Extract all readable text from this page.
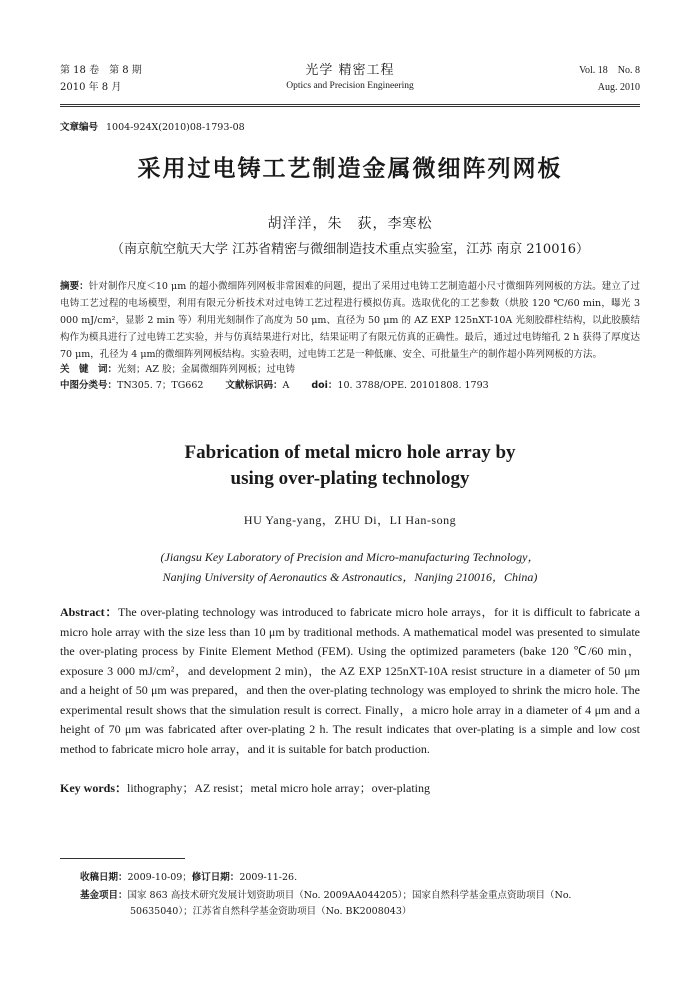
第 18 卷　第 8 期
2010 年 8 月
光学 精密工程
Optics and Precision Engineering
Vol. 18　No. 8
Aug. 2010
文章编号 1004-924X(2010)08-1793-08
采用过电铸工艺制造金属微细阵列网板
胡洋洋，朱　荻，李寒松
（南京航空航天大学 江苏省精密与微细制造技术重点实验室，江苏 南京 210016）
摘要：针对制作尺度＜10 μm 的超小微细阵列网板非常困难的问题，提出了采用过电铸工艺制造超小尺寸微细阵列网板的方法。建立了过电铸工艺过程的电场模型，利用有限元分析技术对过电铸工艺过程进行模拟仿真。选取优化的工艺参数（烘胶 120 ℃/60 min，曝光 3 000 mJ/cm²，显影 2 min 等）利用光刻制作了高度为 50 μm、直径为 50 μm 的 AZ EXP 125nXT-10A 光刻胶群柱结构，以此胶膜结构作为模具进行了过电铸工艺实验，并与仿真结果进行对比，结果证明了有限元仿真的正确性。最后，通过过电铸缩孔 2 h 获得了厚度达 70 μm，孔径为 4 μm的微细阵列网板结构。实验表明，过电铸工艺是一种低廉、安全、可批量生产的制作超小阵列网板的方法。
关　键　词：光刻；AZ 胶；金属微细阵列网板；过电铸
中图分类号：TN305. 7；TG662 文献标识码：A doi：10. 3788/OPE. 20101808. 1793
Fabrication of metal micro hole array by
using over-plating technology
HU Yang-yang，ZHU Di，LI Han-song
(Jiangsu Key Laboratory of Precision and Micro-manufacturing Technology，
Nanjing University of Aeronautics & Astronautics，Nanjing 210016，China)
Abstract：The over-plating technology was introduced to fabricate micro hole arrays，for it is difficult to fabricate a micro hole array with the size less than 10 μm by traditional methods. A mathematical model was presented to simulate the over-plating process by Finite Element Method (FEM). Using the optimized parameters (bake 120 ℃/60 min，exposure 3 000 mJ/cm²，and development 2 min)，the AZ EXP 125nXT-10A resist structure in a diameter of 50 μm and a height of 50 μm was prepared，and then the over-plating technology was employed to shrink the micro hole. The experimental result shows that the simulation result is correct. Finally，a micro hole array in a diameter of 4 μm and a height of 70 μm was fabricated after over-plating 2 h. The result indicates that over-plating is a simple and low cost method to fabricate micro hole array，and it is suitable for batch production.
Key words：lithography；AZ resist；metal micro hole array；over-plating
收稿日期：2009-10-09；修订日期：2009-11-26.
基金项目：国家 863 高技术研究发展计划资助项目（No. 2009AA044205）；国家自然科学基金重点资助项目（No.
50635040）；江苏省自然科学基金资助项目（No. BK2008043）
